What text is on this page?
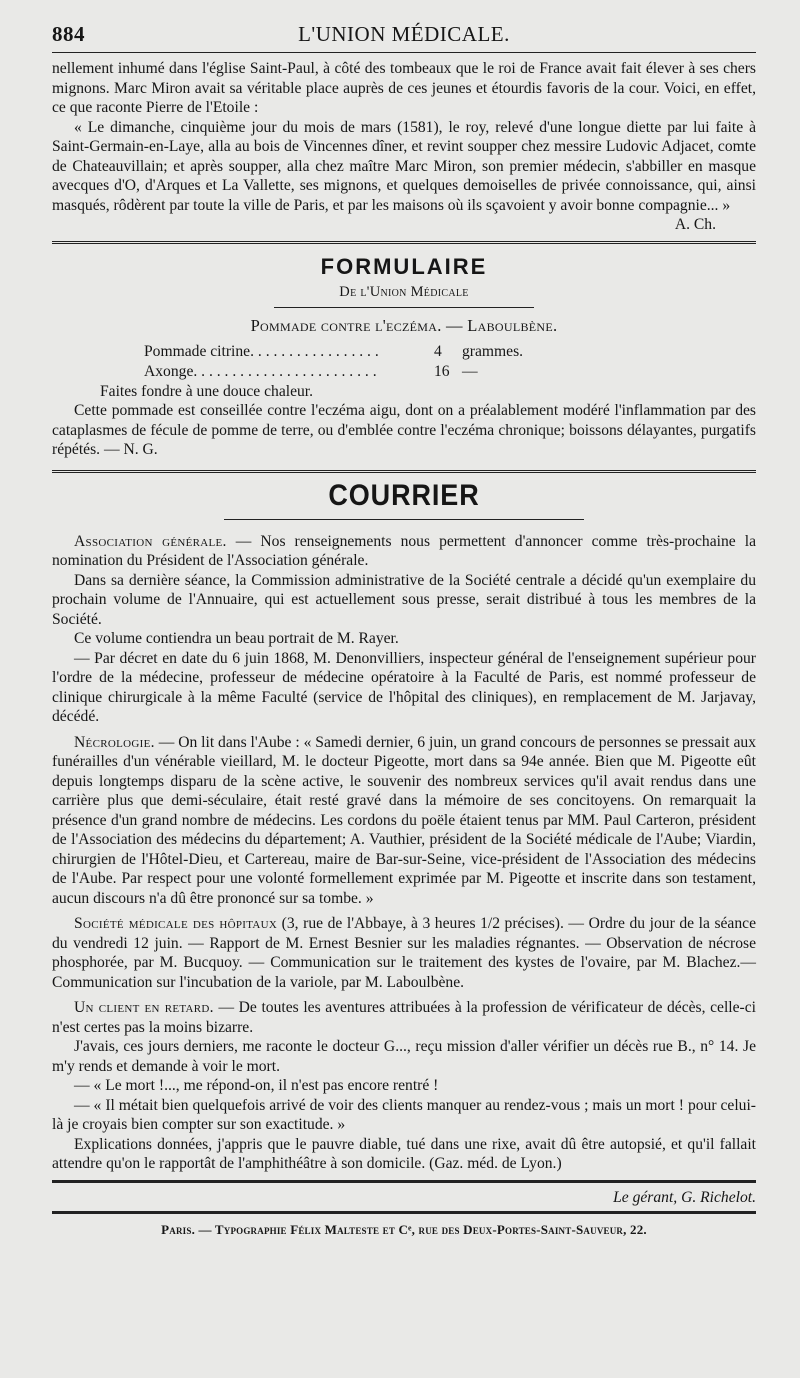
884	L'UNION MÉDICALE.

nellement inhumé dans l'église Saint-Paul, à côté des tombeaux que le roi de France avait fait élever à ses chers mignons. Marc Miron avait sa véritable place auprès de ces jeunes et étourdis favoris de la cour. Voici, en effet, ce que raconte Pierre de l'Etoile :

« Le dimanche, cinquième jour du mois de mars (1581), le roy, relevé d'une longue diette par lui faite à Saint-Germain-en-Laye, alla au bois de Vincennes dîner, et revint soupper chez messire Ludovic Adjacet, comte de Chateauvillain; et après soupper, alla chez maître Marc Miron, son premier médecin, s'abbiller en masque avecques d'O, d'Arques et La Vallette, ses mignons, et quelques demoiselles de privée connoissance, qui, ainsi masqués, rôdèrent par toute la ville de Paris, et par les maisons où ils sçavoient y avoir bonne compagnie... »

A. Ch.

FORMULAIRE
De l'Union Médicale
Pommade contre l'eczéma. — Laboulbène.
Pommade citrine. . . . . . . . . . . . . . . . .	4	grammes.
Axonge. . . . . . . . . . . . . . . . . . . . . . . .	16 —

Faites fondre à une douce chaleur.

Cette pommade est conseillée contre l'eczéma aigu, dont on a préalablement modéré l'inflammation par des cataplasmes de fécule de pomme de terre, ou d'emblée contre l'eczéma chronique; boissons délayantes, purgatifs répétés. — N. G.

COURRIER

Association générale. — Nos renseignements nous permettent d'annoncer comme très-prochaine la nomination du Président de l'Association générale.

Dans sa dernière séance, la Commission administrative de la Société centrale a décidé qu'un exemplaire du prochain volume de l'Annuaire, qui est actuellement sous presse, serait distribué à tous les membres de la Société.

Ce volume contiendra un beau portrait de M. Rayer.

— Par décret en date du 6 juin 1868, M. Denonvilliers, inspecteur général de l'enseignement supérieur pour l'ordre de la médecine, professeur de médecine opératoire à la Faculté de Paris, est nommé professeur de clinique chirurgicale à la même Faculté (service de l'hôpital des cliniques), en remplacement de M. Jarjavay, décédé.

Nécrologie. — On lit dans l'Aube : « Samedi dernier, 6 juin, un grand concours de personnes se pressait aux funérailles d'un vénérable vieillard, M. le docteur Pigeotte, mort dans sa 94e année. Bien que M. Pigeotte eût depuis longtemps disparu de la scène active, le souvenir des nombreux services qu'il avait rendus dans une carrière plus que demi-séculaire, était resté gravé dans la mémoire de ses concitoyens. On remarquait la présence d'un grand nombre de médecins. Les cordons du poële étaient tenus par MM. Paul Carteron, président de l'Association des médecins du département; A. Vauthier, président de la Société médicale de l'Aube; Viardin, chirurgien de l'Hôtel-Dieu, et Cartereau, maire de Bar-sur-Seine, vice-président de l'Association des médecins de l'Aube. Par respect pour une volonté formellement exprimée par M. Pigeotte et inscrite dans son testament, aucun discours n'a dû être prononcé sur sa tombe. »

Société médicale des hôpitaux (3, rue de l'Abbaye, à 3 heures 1/2 précises). — Ordre du jour de la séance du vendredi 12 juin. — Rapport de M. Ernest Besnier sur les maladies régnantes. — Observation de nécrose phosphorée, par M. Bucquoy. — Communication sur le traitement des kystes de l'ovaire, par M. Blachez.—Communication sur l'incubation de la variole, par M. Laboulbène.

Un client en retard. — De toutes les aventures attribuées à la profession de vérificateur de décès, celle-ci n'est certes pas la moins bizarre.

J'avais, ces jours derniers, me raconte le docteur G..., reçu mission d'aller vérifier un décès rue B., n° 14. Je m'y rends et demande à voir le mort.

— « Le mort !..., me répond-on, il n'est pas encore rentré !

— « Il métait bien quelquefois arrivé de voir des clients manquer au rendez-vous ; mais un mort ! pour celui-là je croyais bien compter sur son exactitude. »

Explications données, j'appris que le pauvre diable, tué dans une rixe, avait dû être autopsié, et qu'il fallait attendre qu'on le rapportât de l'amphithéâtre à son domicile. (Gaz. méd. de Lyon.)

Le gérant, G. Richelot.
Paris. — Typographie Félix Malteste et Cᵉ, rue des Deux-Portes-Saint-Sauveur, 22.
